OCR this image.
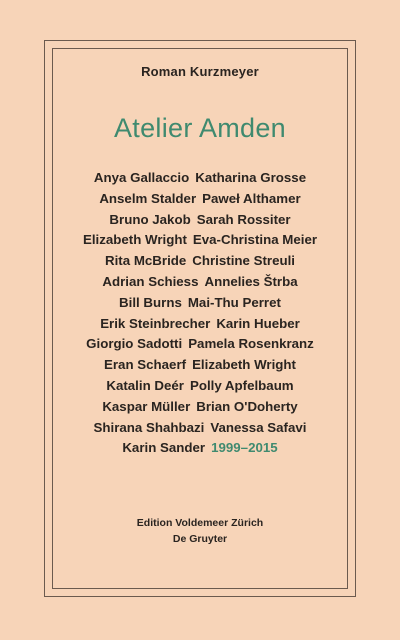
Roman Kurzmeyer
Atelier Amden
Anya Gallaccio Katharina Grosse
Anselm Stalder Paweł Althamer
Bruno Jakob Sarah Rossiter
Elizabeth Wright Eva-Christina Meier
Rita McBride Christine Streuli
Adrian Schiess Annelies Štrba
Bill Burns Mai-Thu Perret
Erik Steinbrecher Karin Hueber
Giorgio Sadotti Pamela Rosenkranz
Eran Schaerf Elizabeth Wright
Katalin Deér Polly Apfelbaum
Kaspar Müller Brian O'Doherty
Shirana Shahbazi Vanessa Safavi
Karin Sander 1999–2015
Edition Voldemeer Zürich
De Gruyter
